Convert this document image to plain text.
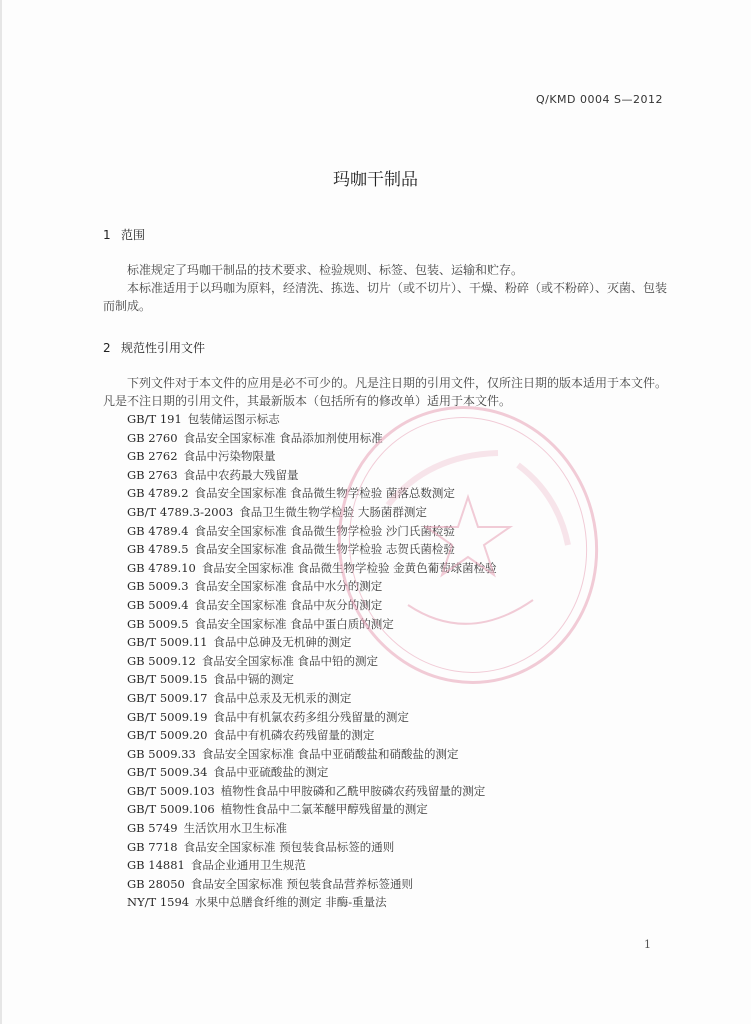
Q/KMD 0004 S—2012
玛咖干制品
1 范围
标准规定了玛咖干制品的技术要求、检验规则、标签、包装、运输和贮存。
本标准适用于以玛咖为原料，经清洗、拣选、切片（或不切片）、干燥、粉碎（或不粉碎）、灭菌、包装而制成。
2 规范性引用文件
下列文件对于本文件的应用是必不可少的。凡是注日期的引用文件，仅所注日期的版本适用于本文件。凡是不注日期的引用文件，其最新版本（包括所有的修改单）适用于本文件。
GB/T 191 包装储运图示标志
GB 2760 食品安全国家标准 食品添加剂使用标准
GB 2762 食品中污染物限量
GB 2763 食品中农药最大残留量
GB 4789.2 食品安全国家标准 食品微生物学检验 菌落总数测定
GB/T 4789.3-2003 食品卫生微生物学检验 大肠菌群测定
GB 4789.4 食品安全国家标准 食品微生物学检验 沙门氏菌检验
GB 4789.5 食品安全国家标准 食品微生物学检验 志贺氏菌检验
GB 4789.10 食品安全国家标准 食品微生物学检验 金黄色葡萄球菌检验
GB 5009.3 食品安全国家标准 食品中水分的测定
GB 5009.4 食品安全国家标准 食品中灰分的测定
GB 5009.5 食品安全国家标准 食品中蛋白质的测定
GB/T 5009.11 食品中总砷及无机砷的测定
GB 5009.12 食品安全国家标准 食品中铅的测定
GB/T 5009.15 食品中镉的测定
GB/T 5009.17 食品中总汞及无机汞的测定
GB/T 5009.19 食品中有机氯农药多组分残留量的测定
GB/T 5009.20 食品中有机磷农药残留量的测定
GB 5009.33 食品安全国家标准 食品中亚硝酸盐和硝酸盐的测定
GB/T 5009.34 食品中亚硫酸盐的测定
GB/T 5009.103 植物性食品中甲胺磷和乙酰甲胺磷农药残留量的测定
GB/T 5009.106 植物性食品中二氯苯醚甲醇残留量的测定
GB 5749 生活饮用水卫生标准
GB 7718 食品安全国家标准 预包装食品标签的通则
GB 14881 食品企业通用卫生规范
GB 28050 食品安全国家标准 预包装食品营养标签通则
NY/T 1594 水果中总膳食纤维的测定 非酶-重量法
1
